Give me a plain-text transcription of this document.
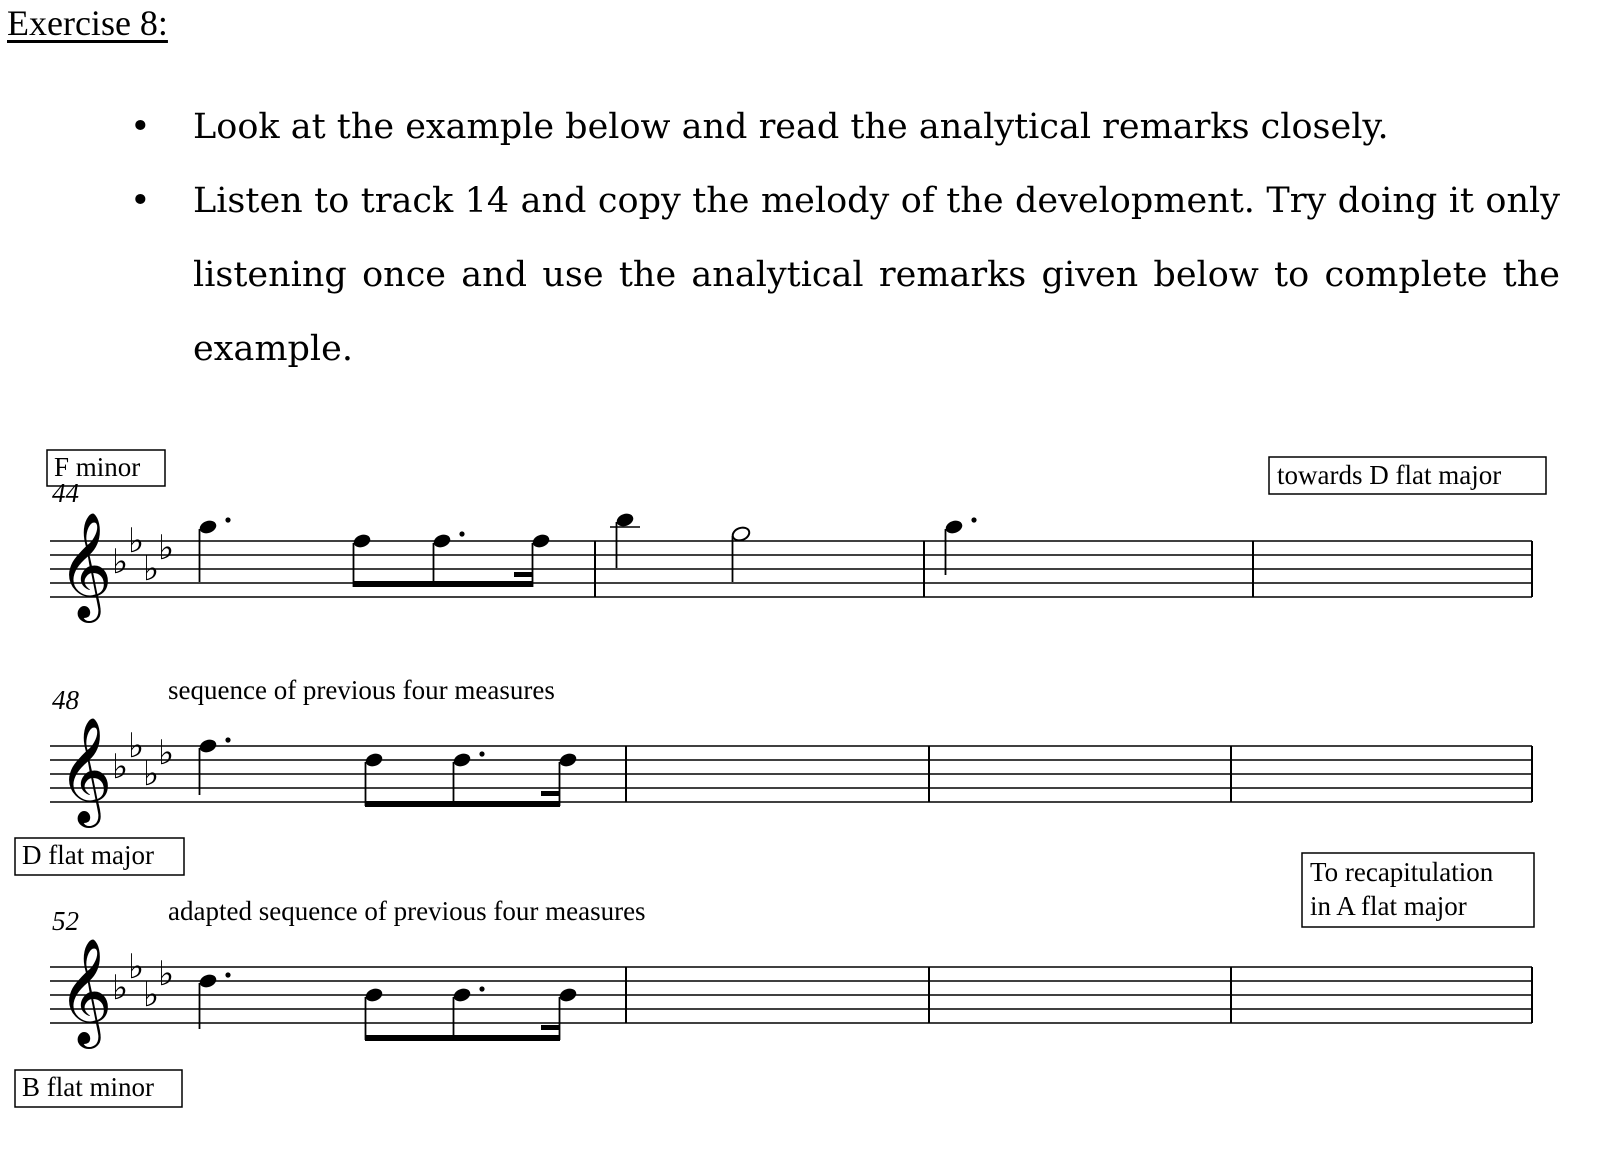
Exercise 8:
• Look at the example below and read the analytical remarks closely.
• Listen to track 14 and copy the melody of the development. Try doing it only listening once and use the analytical remarks given below to complete the example.
F minor
44
towards D flat major
𝄞 ♭
♭
♭
♭
48	sequence of previous four measures
𝄞 ♭
♭
♭
♭
D flat major
To recapitulation
in A flat major
52	adapted sequence of previous four measures
𝄞 ♭
♭
♭
♭
B flat minor
